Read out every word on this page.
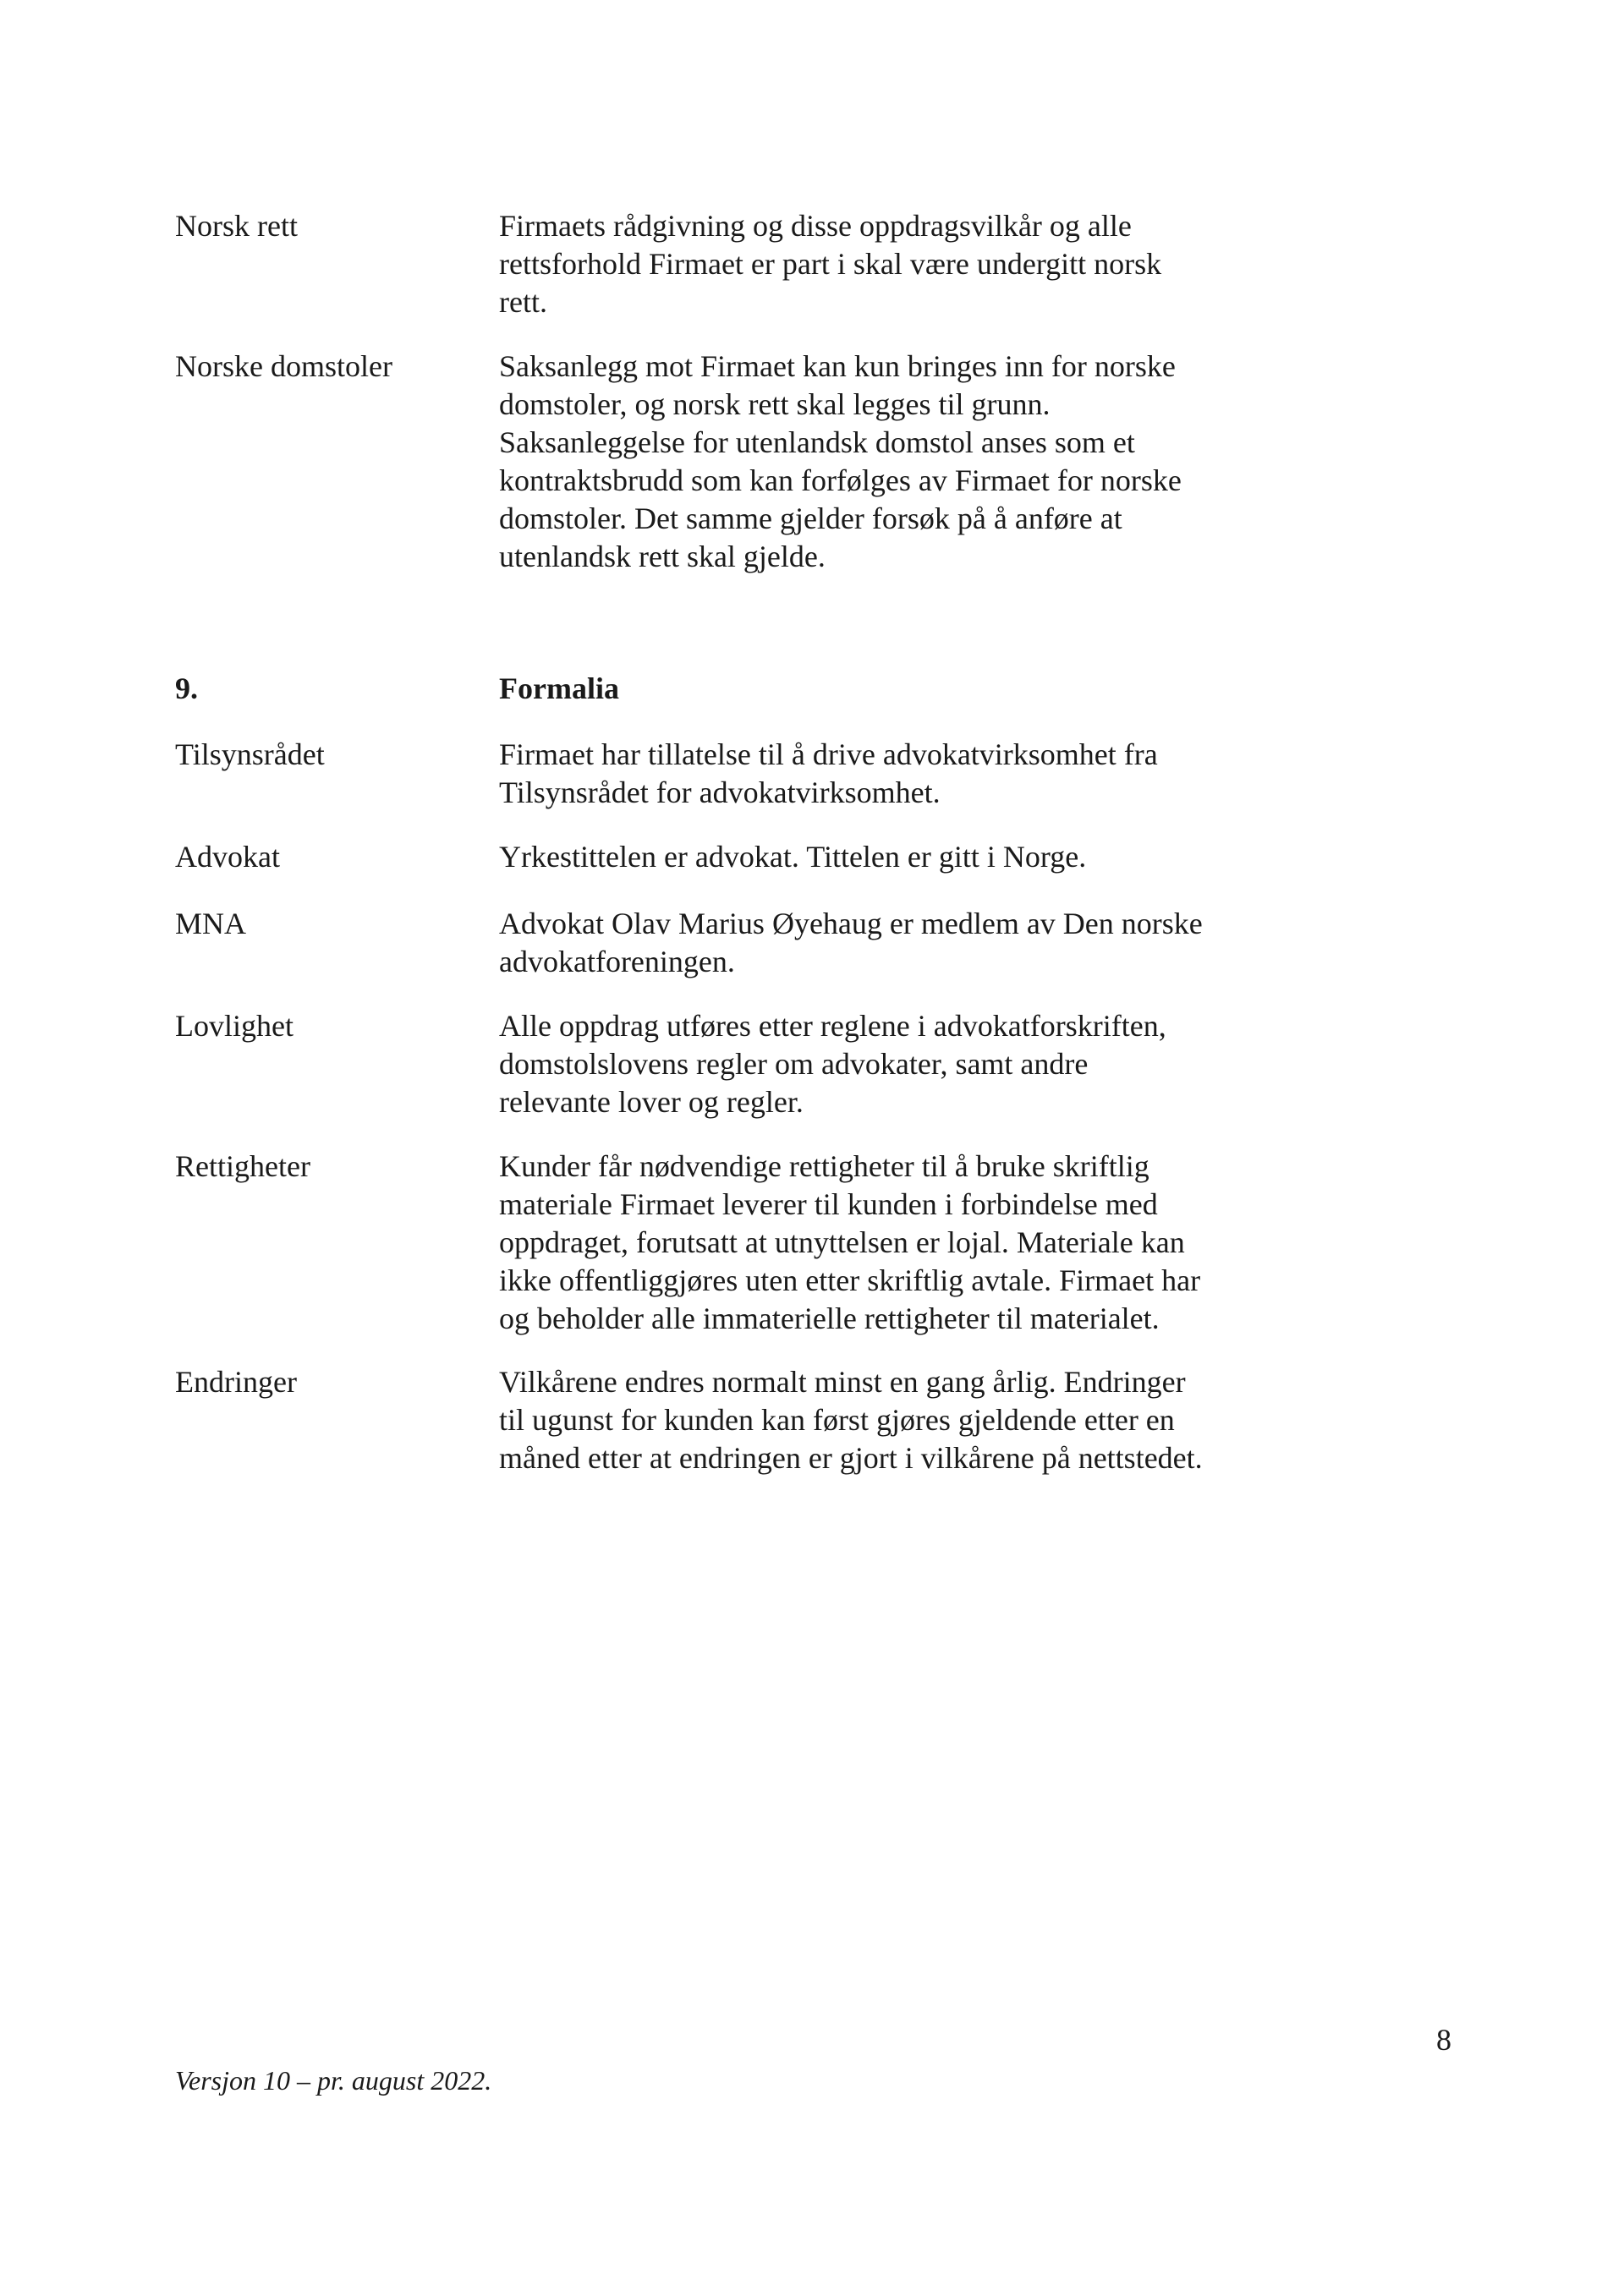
Norsk rett	Firmaets rådgivning og disse oppdragsvilkår og alle
rettsforhold Firmaet er part i skal være undergitt norsk
rett.
Norske domstoler	Saksanlegg mot Firmaet kan kun bringes inn for norske
domstoler, og norsk rett skal legges til grunn.
Saksanleggelse for utenlandsk domstol anses som et
kontraktsbrudd som kan forfølges av Firmaet for norske
domstoler. Det samme gjelder forsøk på å anføre at
utenlandsk rett skal gjelde.
9.	Formalia
Tilsynsrådet	Firmaet har tillatelse til å drive advokatvirksomhet fra
Tilsynsrådet for advokatvirksomhet.
Advokat	Yrkestittelen er advokat. Tittelen er gitt i Norge.
MNA	Advokat Olav Marius Øyehaug er medlem av Den norske
advokatforeningen.
Lovlighet	Alle oppdrag utføres etter reglene i advokatforskriften,
domstolslovens regler om advokater, samt andre
relevante lover og regler.
Rettigheter	Kunder får nødvendige rettigheter til å bruke skriftlig
materiale Firmaet leverer til kunden i forbindelse med
oppdraget, forutsatt at utnyttelsen er lojal. Materiale kan
ikke offentliggjøres uten etter skriftlig avtale. Firmaet har
og beholder alle immaterielle rettigheter til materialet.
Endringer	Vilkårene endres normalt minst en gang årlig. Endringer
til ugunst for kunden kan først gjøres gjeldende etter en
måned etter at endringen er gjort i vilkårene på nettstedet.
8
Versjon 10 – pr. august 2022.
